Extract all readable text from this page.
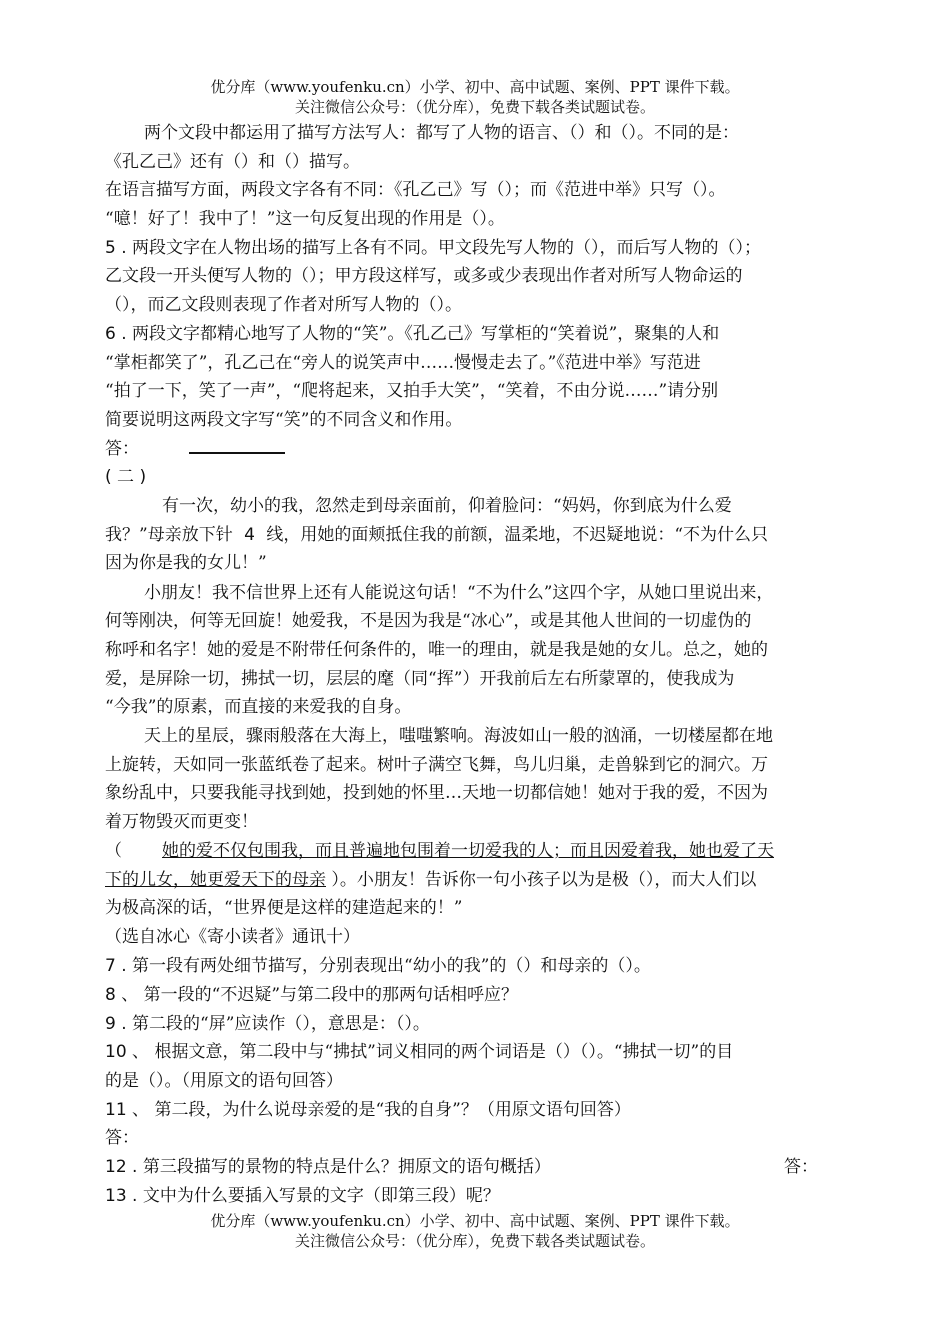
优分库（www.youfenku.cn）小学、初中、高中试题、案例、PPT 课件下载。
关注微信公众号：（优分库），免费下载各类试题试卷。
两个文段中都运用了描写方法写人：都写了人物的语言、（）和（）。不同的是：
《孔乙己》还有（）和（）描写。
在语言描写方面，两段文字各有不同：《孔乙己》写（）；而《范进中举》只写（）。
“噫！好了！我中了！”这一句反复出现的作用是（）。
5 . 两段文字在人物出场的描写上各有不同。甲文段先写人物的（），而后写人物的（）；
乙文段一开头便写人物的（）；甲方段这样写，或多或少表现出作者对所写人物命运的
（），而乙文段则表现了作者对所写人物的（）。
6 . 两段文字都精心地写了人物的“笑”。《孔乙己》写掌柜的“笑着说”，聚集的人和
“掌柜都笑了”，孔乙己在“旁人的说笑声中……慢慢走去了。”《范进中举》写范进
“拍了一下，笑了一声”，“爬将起来，又拍手大笑”，“笑着，不由分说……”请分别
简要说明这两段文字写“笑”的不同含义和作用。
答：
( 二 )
有一次，幼小的我，忽然走到母亲面前，仰着脸问：“妈妈，你到底为什么爱
我？”母亲放下针 4 线，用她的面颊抵住我的前额，温柔地，不迟疑地说：“不为什么只
因为你是我的女儿！”
小朋友！我不信世界上还有人能说这句话！“不为什么”这四个字，从她口里说出来，
何等刚决，何等无回旋！她爱我，不是因为我是“冰心”，或是其他人世间的一切虚伪的
称呼和名字！她的爱是不附带任何条件的，唯一的理由，就是我是她的女儿。总之，她的
爱，是屏除一切，拂拭一切，层层的麾（同“挥”）开我前后左右所蒙罩的，使我成为
“今我”的原素，而直接的来爱我的自身。
天上的星辰，骤雨般落在大海上，嗤嗤繁响。海波如山一般的汹涌，一切楼屋都在地
上旋转，天如同一张蓝纸卷了起来。树叶子满空飞舞，鸟儿归巢，走兽躲到它的洞穴。万
象纷乱中，只要我能寻找到她，投到她的怀里…天地一切都信她！她对于我的爱，不因为
着万物毁灭而更变！
（ 她的爱不仅包围我，而且普遍地包围着一切爱我的人；而且因爱着我，她也爱了天
下的儿女，她更爱天下的母亲 ）。小朋友！告诉你一句小孩子以为是极（），而大人们以
为极高深的话，“世界便是这样的建造起来的！”
（选自冰心《寄小读者》通讯十）
7 . 第一段有两处细节描写，分别表现出“幼小的我”的（）和母亲的（）。
8 、 第一段的“不迟疑”与第二段中的那两句话相呼应？
9 . 第二段的“屏”应读作（），意思是：（）。
10 、 根据文意，第二段中与“拂拭”词义相同的两个词语是（）（）。“拂拭一切”的目
的是（）。（用原文的语句回答）
11 、 第二段，为什么说母亲爱的是“我的自身”？（用原文语句回答）
答：
12 . 第三段描写的景物的特点是什么？拥原文的语句概括）	答：
13 . 文中为什么要插入写景的文字（即第三段）呢？
优分库（www.youfenku.cn）小学、初中、高中试题、案例、PPT 课件下载。
关注微信公众号：（优分库），免费下载各类试题试卷。
